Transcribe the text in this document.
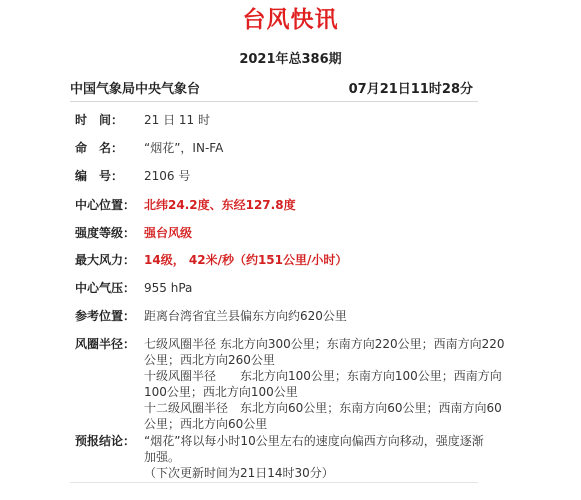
台风快讯
2021年总386期
中国气象局中央气象台	07月21日11时28分
时　间： 21 日 11 时
命　名： “烟花”，IN-FA
编　号： 2106 号
中心位置： 北纬24.2度、东经127.8度
强度等级： 强台风级
最大风力： 14级， 42米/秒（约151公里/小时）
中心气压： 955 hPa
参考位置： 距离台湾省宜兰县偏东方向约620公里
风圈半径： 七级风圈半径 东北方向300公里；东南方向220公里；西南方向220
公里；西北方向260公里
十级风圈半径　　东北方向100公里；东南方向100公里；西南方向
100公里；西北方向100公里
十二级风圈半径　东北方向60公里；东南方向60公里；西南方向60
公里；西北方向60公里
预报结论： “烟花”将以每小时10公里左右的速度向偏西方向移动，强度逐渐
加强。
（下次更新时间为21日14时30分）
